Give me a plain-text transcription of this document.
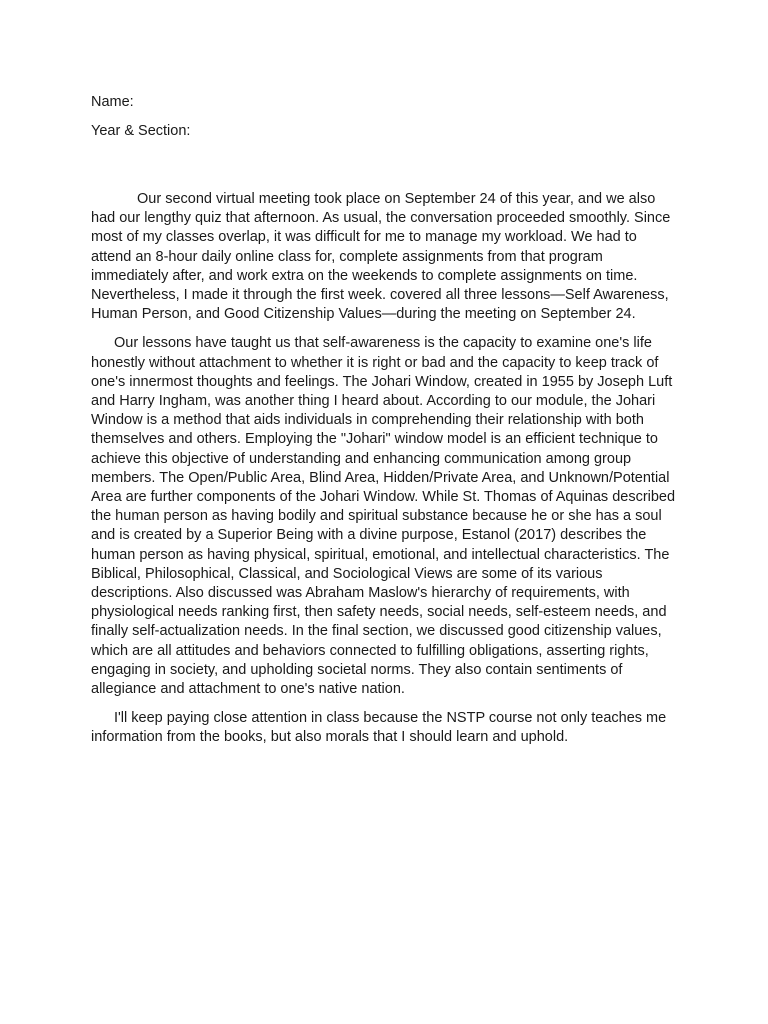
Name:

Year & Section:

Our second virtual meeting took place on September 24 of this year, and we also had our lengthy quiz that afternoon. As usual, the conversation proceeded smoothly. Since most of my classes overlap, it was difficult for me to manage my workload. We had to attend an 8-hour daily online class for, complete assignments from that program immediately after, and work extra on the weekends to complete assignments on time. Nevertheless, I made it through the first week. covered all three lessons—Self Awareness, Human Person, and Good Citizenship Values—during the meeting on September 24.

Our lessons have taught us that self-awareness is the capacity to examine one's life honestly without attachment to whether it is right or bad and the capacity to keep track of one's innermost thoughts and feelings. The Johari Window, created in 1955 by Joseph Luft and Harry Ingham, was another thing I heard about. According to our module, the Johari Window is a method that aids individuals in comprehending their relationship with both themselves and others. Employing the "Johari" window model is an efficient technique to achieve this objective of understanding and enhancing communication among group members. The Open/Public Area, Blind Area, Hidden/Private Area, and Unknown/Potential Area are further components of the Johari Window. While St. Thomas of Aquinas described the human person as having bodily and spiritual substance because he or she has a soul and is created by a Superior Being with a divine purpose, Estanol (2017) describes the human person as having physical, spiritual, emotional, and intellectual characteristics. The Biblical, Philosophical, Classical, and Sociological Views are some of its various descriptions. Also discussed was Abraham Maslow's hierarchy of requirements, with physiological needs ranking first, then safety needs, social needs, self-esteem needs, and finally self-actualization needs. In the final section, we discussed good citizenship values, which are all attitudes and behaviors connected to fulfilling obligations, asserting rights, engaging in society, and upholding societal norms. They also contain sentiments of allegiance and attachment to one's native nation.

I'll keep paying close attention in class because the NSTP course not only teaches me information from the books, but also morals that I should learn and uphold.
